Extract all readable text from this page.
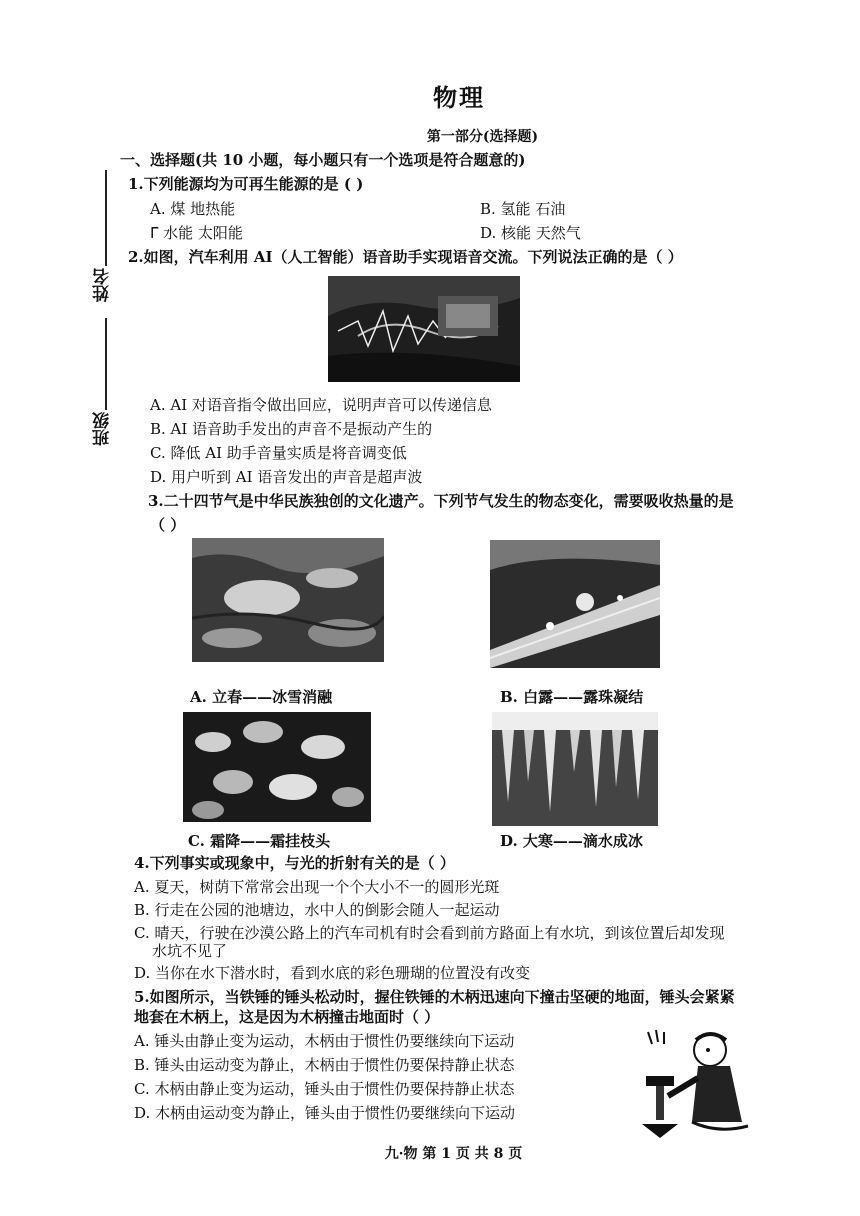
物理
第一部分(选择题)
姓名
班级
一、选择题(共 10 小题，每小题只有一个选项是符合题意的)
1.下列能源均为可再生能源的是 ( )
A. 煤 地热能	B. 氢能 石油
ᒥ 水能 太阳能	D. 核能 天然气
2.如图，汽车利用 AI（人工智能）语音助手实现语音交流。下列说法正确的是（ ）
A. AI 对语音指令做出回应，说明声音可以传递信息
B. AI 语音助手发出的声音不是振动产生的
C. 降低 AI 助手音量实质是将音调变低
D. 用户听到 AI 语音发出的声音是超声波
3.二十四节气是中华民族独创的文化遗产。下列节气发生的物态变化，需要吸收热量的是
（ ）
A. 立春——冰雪消融	B. 白露——露珠凝结
C. 霜降——霜挂枝头	D. 大寒——滴水成冰
4.下列事实或现象中，与光的折射有关的是（ ）
A. 夏天，树荫下常常会出现一个个大小不一的圆形光斑
B. 行走在公园的池塘边，水中人的倒影会随人一起运动
C. 晴天，行驶在沙漠公路上的汽车司机有时会看到前方路面上有水坑，到该位置后却发现
水坑不见了
D. 当你在水下潜水时，看到水底的彩色珊瑚的位置没有改变
5.如图所示，当铁锤的锤头松动时，握住铁锤的木柄迅速向下撞击坚硬的地面，锤头会紧紧
地套在木柄上，这是因为木柄撞击地面时（ ）
A. 锤头由静止变为运动，木柄由于惯性仍要继续向下运动
B. 锤头由运动变为静止，木柄由于惯性仍要保持静止状态
C. 木柄由静止变为运动，锤头由于惯性仍要保持静止状态
D. 木柄由运动变为静止，锤头由于惯性仍要继续向下运动
九·物 第 1 页 共 8 页
